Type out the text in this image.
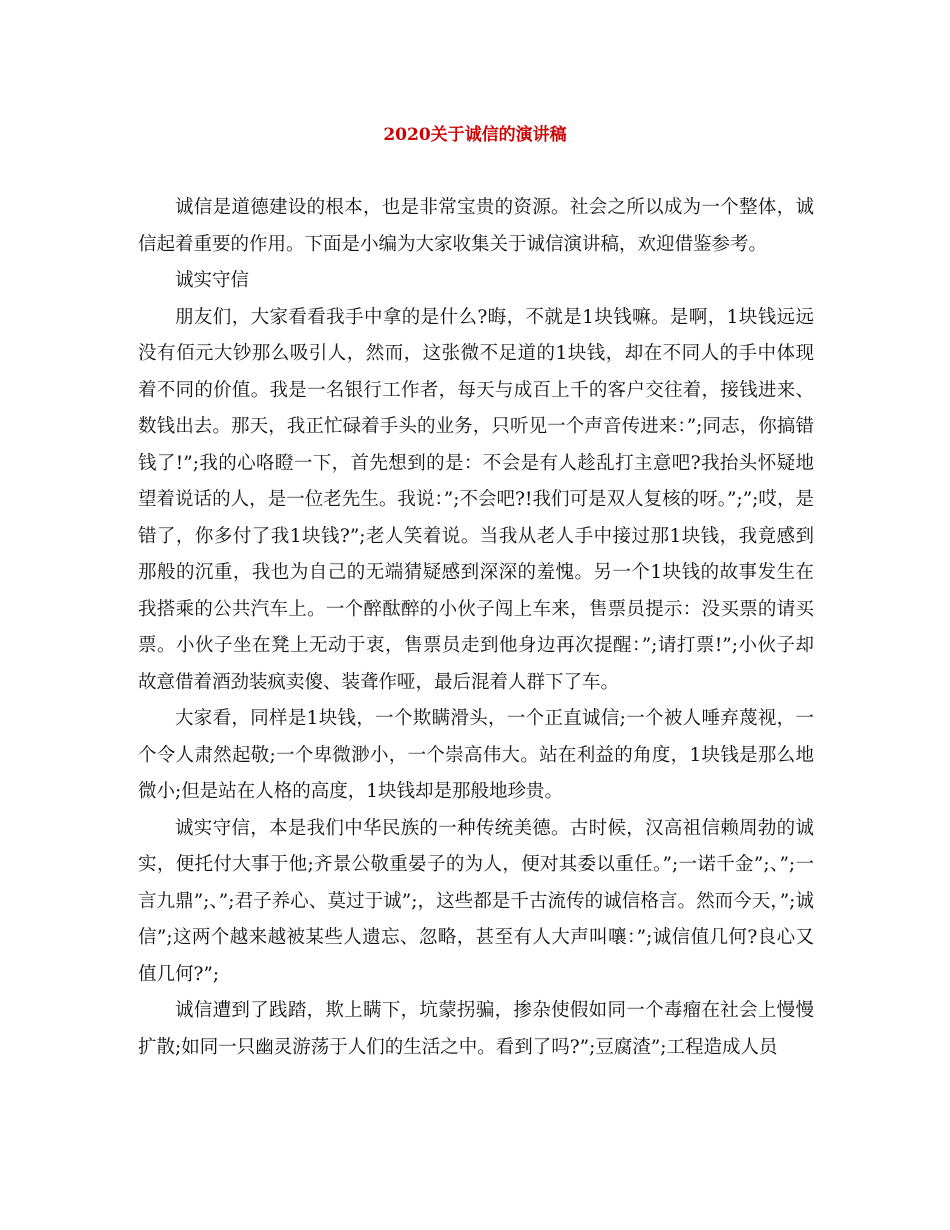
2020关于诚信的演讲稿

诚信是道德建设的根本，也是非常宝贵的资源。社会之所以成为一个整体，诚信起着重要的作用。下面是小编为大家收集关于诚信演讲稿，欢迎借鉴参考。

诚实守信

朋友们，大家看看我手中拿的是什么?晦，不就是1块钱嘛。是啊，1块钱远远没有佰元大钞那么吸引人，然而，这张微不足道的1块钱，却在不同人的手中体现着不同的价值。我是一名银行工作者，每天与成百上千的客户交往着，接钱进来、数钱出去。那天，我正忙碌着手头的业务，只听见一个声音传进来：”;同志，你搞错钱了!”;我的心咯瞪一下，首先想到的是：不会是有人趁乱打主意吧?我抬头怀疑地望着说话的人，是一位老先生。我说：”;不会吧?!我们可是双人复核的呀。”;”;哎，是错了，你多付了我1块钱?”;老人笑着说。当我从老人手中接过那1块钱，我竟感到那般的沉重，我也为自己的无端猜疑感到深深的羞愧。另一个1块钱的故事发生在我搭乘的公共汽车上。一个醉酞醉的小伙子闯上车来，售票员提示：没买票的请买票。小伙子坐在凳上无动于衷，售票员走到他身边再次提醒：”;请打票!”;小伙子却故意借着酒劲装疯卖傻、装聋作哑，最后混着人群下了车。

大家看，同样是1块钱，一个欺瞒滑头，一个正直诚信;一个被人唾弃蔑视，一个令人肃然起敬;一个卑微渺小，一个崇高伟大。站在利益的角度，1块钱是那么地微小;但是站在人格的高度，1块钱却是那般地珍贵。

诚实守信，本是我们中华民族的一种传统美德。古时候，汉高祖信赖周勃的诚实，便托付大事于他;齐景公敬重晏子的为人，便对其委以重任。”;一诺千金”;、”;一言九鼎”;、”;君子养心、莫过于诚”;，这些都是千古流传的诚信格言。然而今天，”;诚信”;这两个越来越被某些人遗忘、忽略，甚至有人大声叫嚷：”;诚信值几何?良心又值几何?”;

诚信遭到了践踏，欺上瞒下，坑蒙拐骗，掺杂使假如同一个毒瘤在社会上慢慢扩散;如同一只幽灵游荡于人们的生活之中。看到了吗?”;豆腐渣”;工程造成人员
